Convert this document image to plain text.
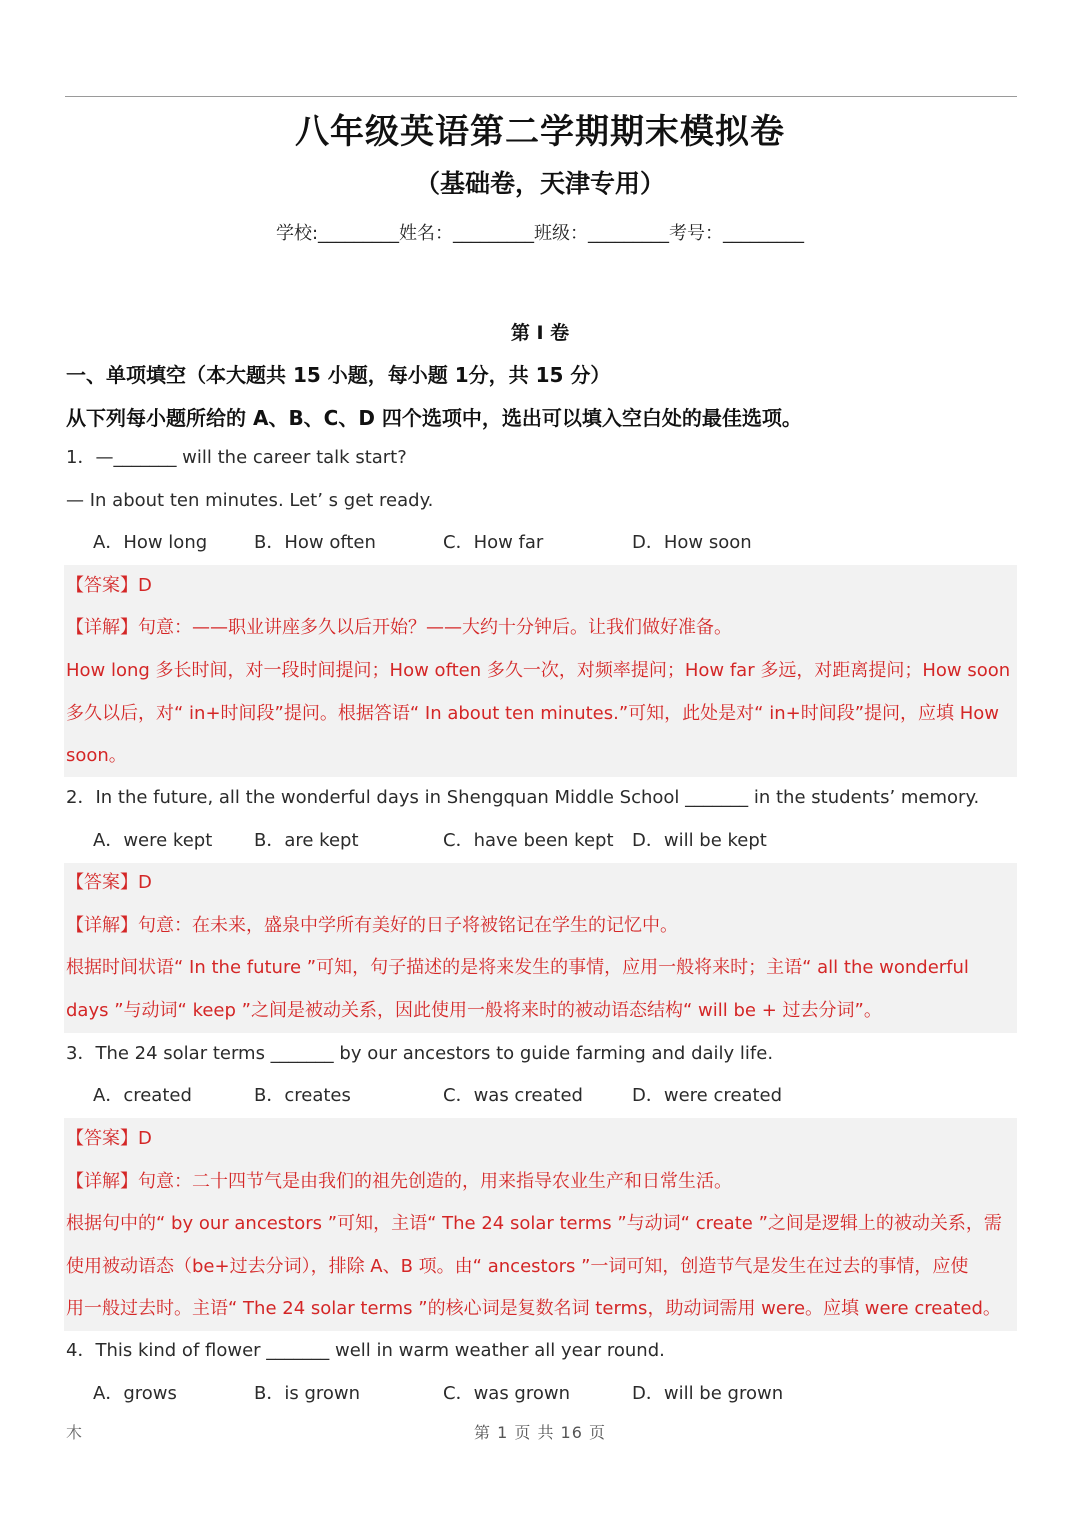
八年级英语第二学期期末模拟卷
（基础卷，天津专用）
学校:_________姓名：_________班级：_________考号：_________
第 I 卷
一、单项填空（本大题共 15 小题，每小题 1分，共 15 分）
从下列每小题所给的 A、B、C、D 四个选项中，选出可以填入空白处的最佳选项。
1．—_______ will the career talk start?
— In about ten minutes. Let’ s get ready.
A．How long	B．How often	C．How far	D．How soon
【答案】D
【详解】句意：——职业讲座多久以后开始？——大约十分钟后。让我们做好准备。
How long 多长时间，对一段时间提问；How often 多久一次，对频率提问；How far 多远，对距离提问；How soon
多久以后，对“ in+时间段”提问。根据答语“ In about ten minutes.”可知，此处是对“ in+时间段”提问，应填 How
soon。
2．In the future, all the wonderful days in Shengquan Middle School _______ in the students’ memory.
A．were kept B．are kept	C．have been kept D．will be kept
【答案】D
【详解】句意：在未来，盛泉中学所有美好的日子将被铭记在学生的记忆中。
根据时间状语“ In the future ”可知，句子描述的是将来发生的事情，应用一般将来时；主语“ all the wonderful
days ”与动词“ keep ”之间是被动关系，因此使用一般将来时的被动语态结构“ will be + 过去分词”。
3．The 24 solar terms _______ by our ancestors to guide farming and daily life.
A．created	B．creates	C．was created	D．were created
【答案】D
【详解】句意：二十四节气是由我们的祖先创造的，用来指导农业生产和日常生活。
根据句中的“ by our ancestors ”可知，主语“ The 24 solar terms ”与动词“ create ”之间是逻辑上的被动关系，需
使用被动语态（be+过去分词），排除 A、B 项。由“ ancestors ”一词可知，创造节气是发生在过去的事情，应使
用一般过去时。主语“ The 24 solar terms ”的核心词是复数名词 terms，助动词需用 were。应填 were created。
4．This kind of flower _______ well in warm weather all year round.
A．grows	B．is grown	C．was grown	D．will be grown
木	第 1 页 共 16 页
